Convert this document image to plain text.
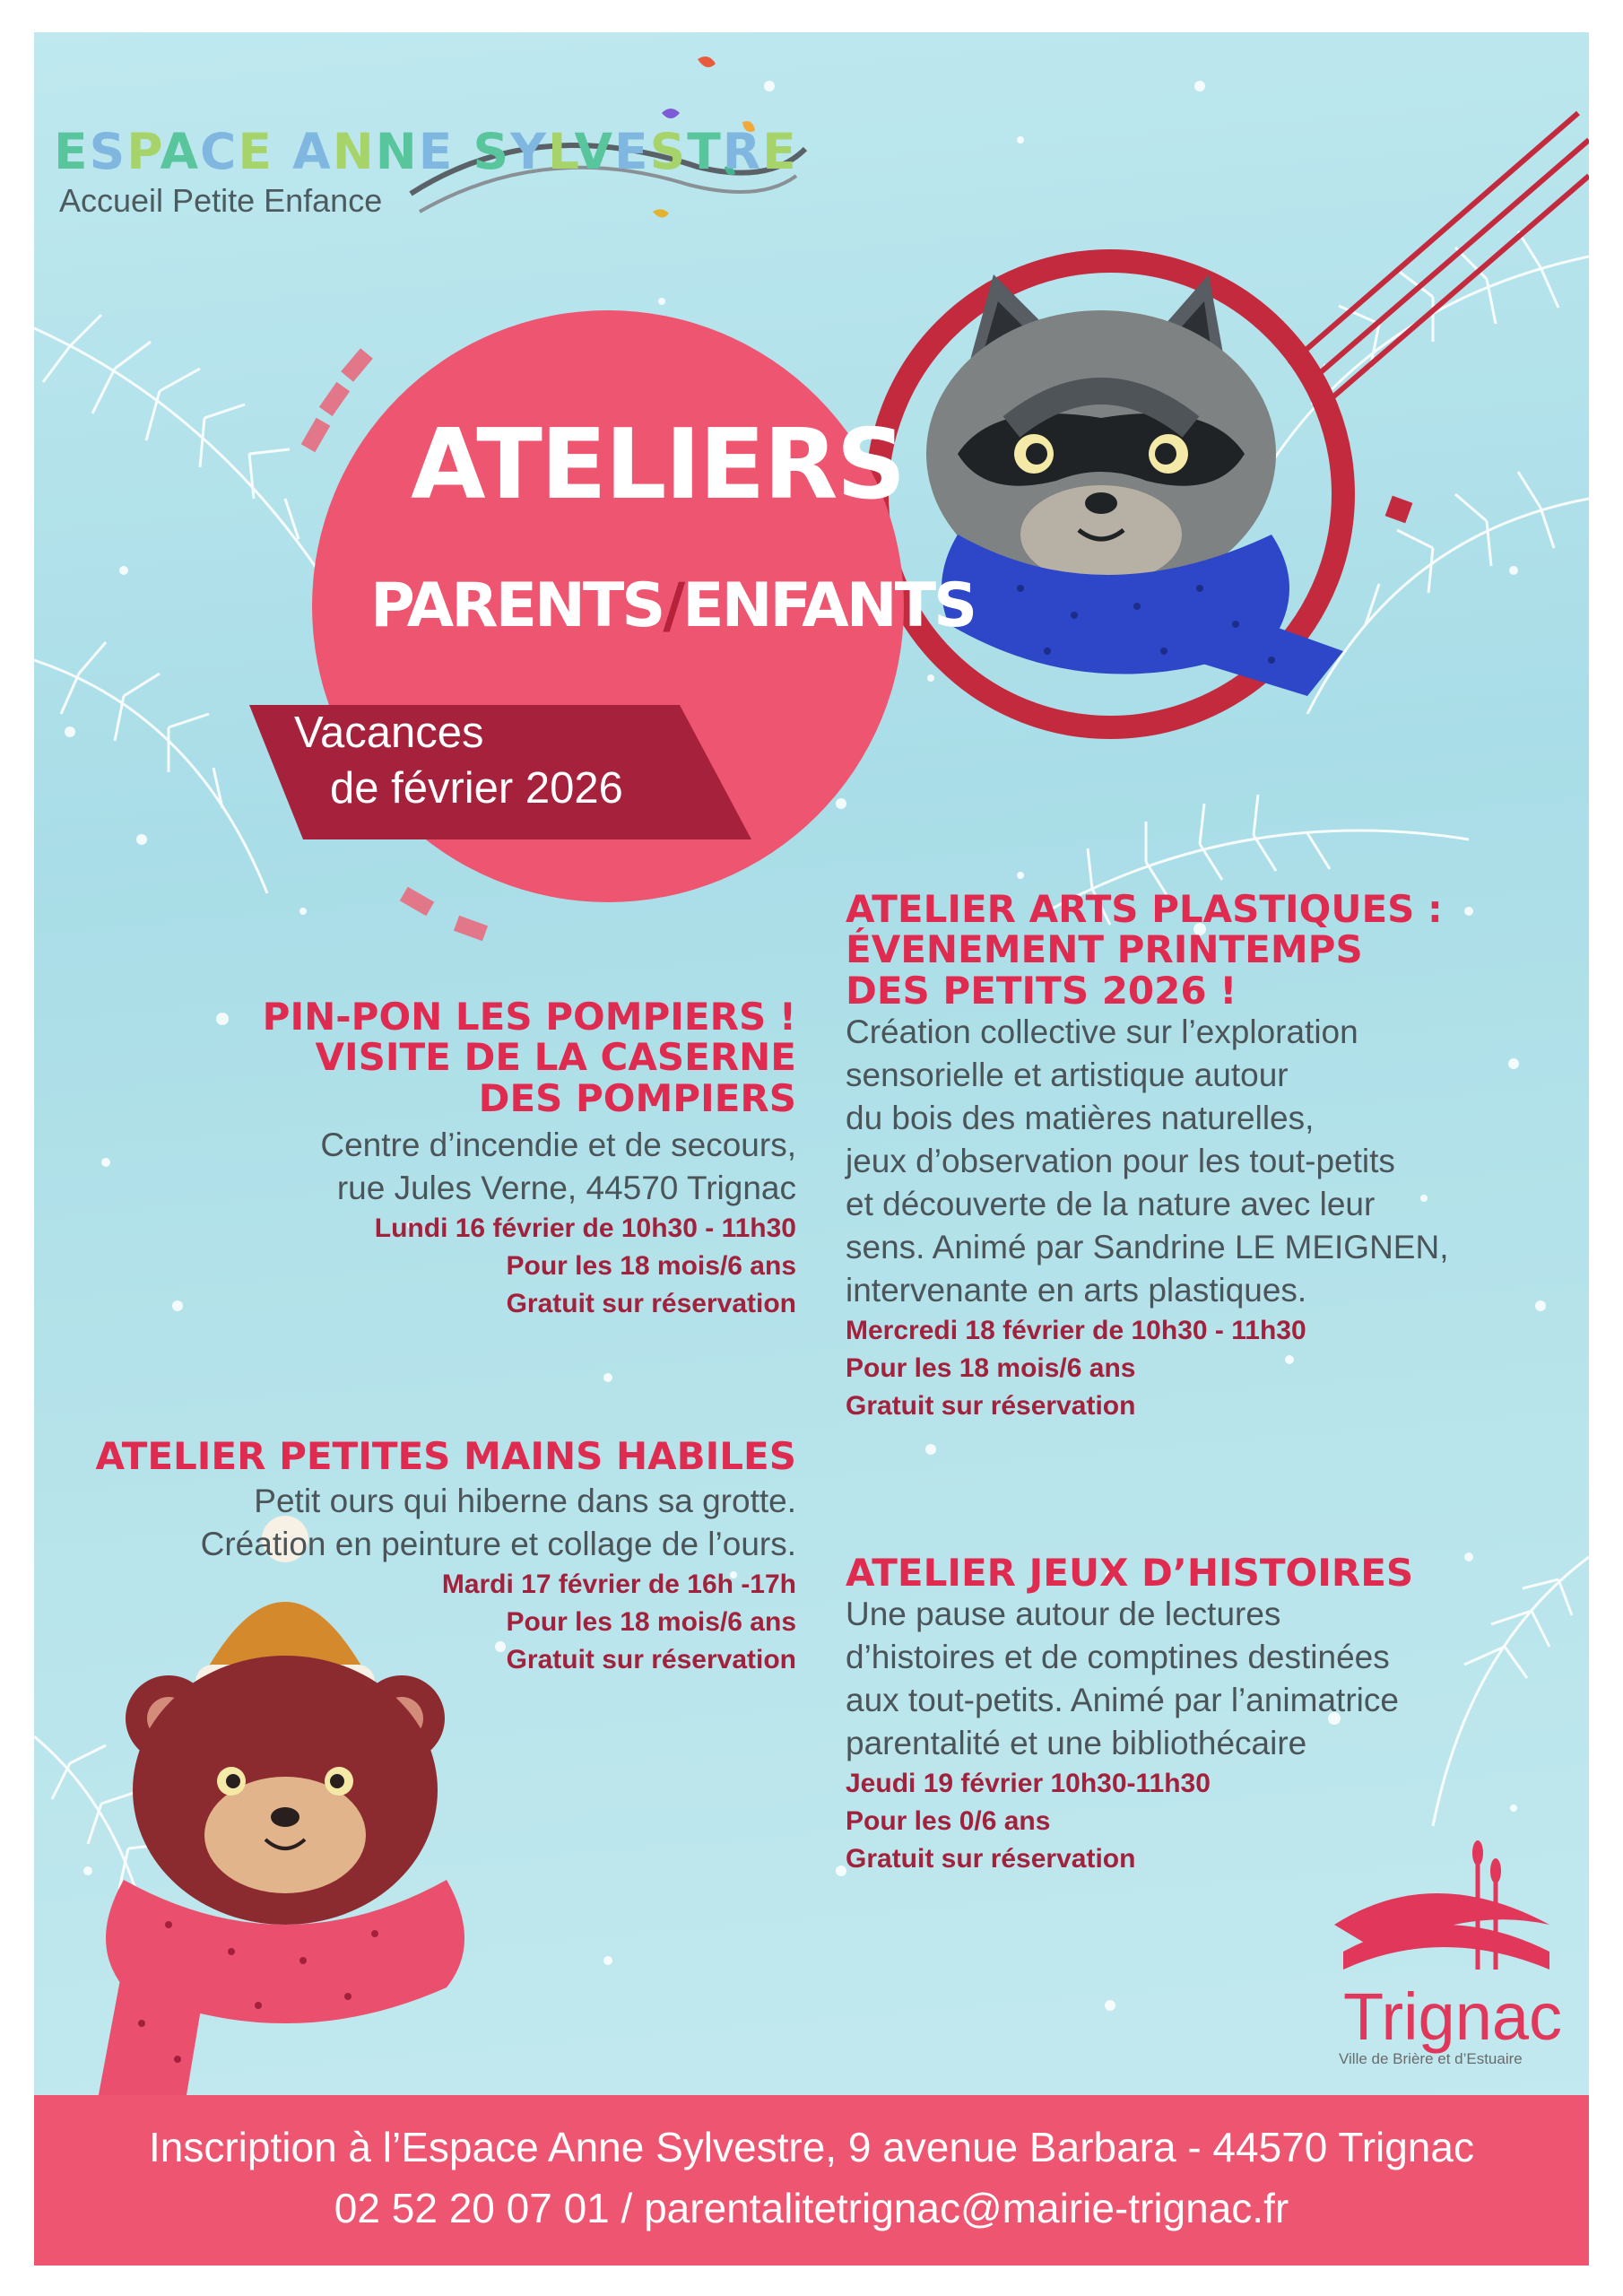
ESPACE ANNE SYLVESTRE
Accueil Petite Enfance
ATELIERS
PARENTS/ENFANTS
Vacances
de février 2026
PIN-PON LES POMPIERS !
VISITE DE LA CASERNE
DES POMPIERS
Centre d’incendie et de secours,
rue Jules Verne, 44570 Trignac
Lundi 16 février de 10h30 - 11h30
Pour les 18 mois/6 ans
Gratuit sur réservation
ATELIER PETITES MAINS HABILES
Petit ours qui hiberne dans sa grotte.
Création en peinture et collage de l’ours.
Mardi 17 février de 16h -17h
Pour les 18 mois/6 ans
Gratuit sur réservation
ATELIER ARTS PLASTIQUES :
ÉVENEMENT PRINTEMPS
DES PETITS 2026 !
Création collective sur l’exploration
sensorielle et artistique autour
du bois des matières naturelles,
jeux d’observation pour les tout-petits
et découverte de la nature avec leur
sens. Animé par Sandrine LE MEIGNEN,
intervenante en arts plastiques.
Mercredi 18 février de 10h30 - 11h30
Pour les 18 mois/6 ans
Gratuit sur réservation
ATELIER JEUX D’HISTOIRES
Une pause autour de lectures
d’histoires et de comptines destinées
aux tout-petits. Animé par l’animatrice
parentalité et une bibliothécaire
Jeudi 19 février 10h30-11h30
Pour les 0/6 ans
Gratuit sur réservation
Trignac
Ville de Brière et d’Estuaire
Inscription à l’Espace Anne Sylvestre, 9 avenue Barbara - 44570 Trignac
02 52 20 07 01 / parentalitetrignac@mairie-trignac.fr
